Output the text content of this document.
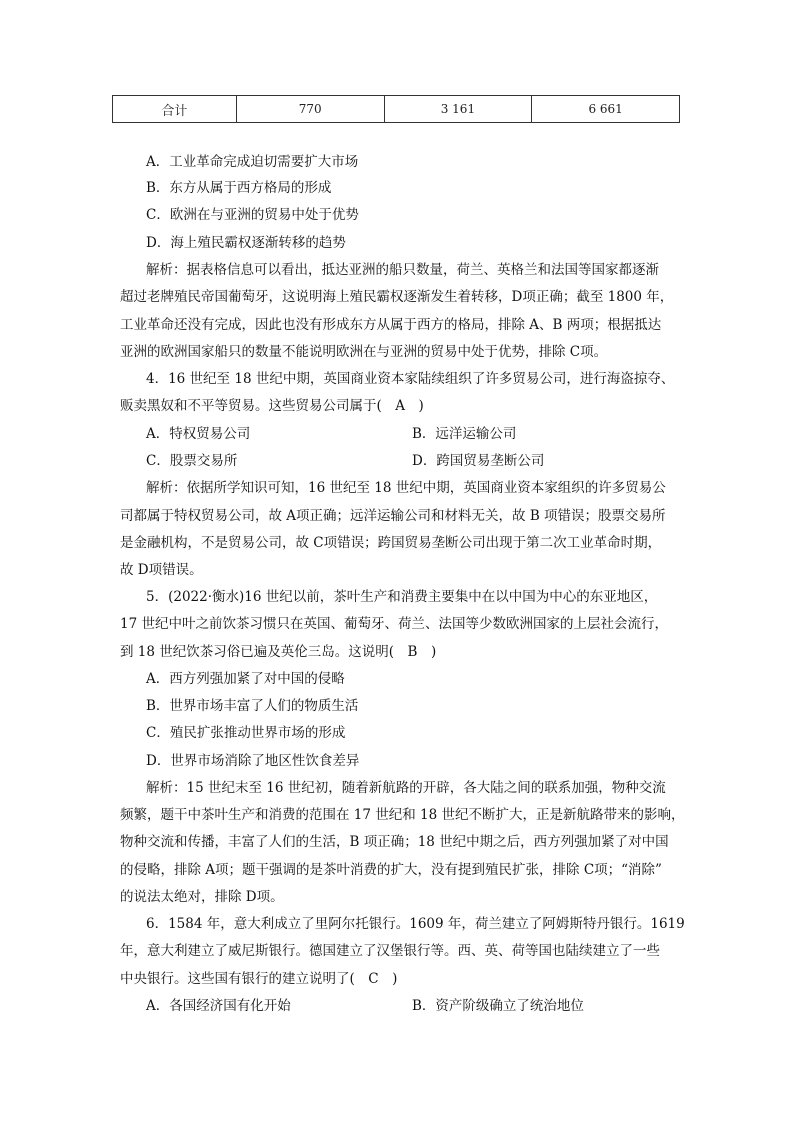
合计	770	3 161	6 661
A．工业革命完成迫切需要扩大市场
B．东方从属于西方格局的形成
C．欧洲在与亚洲的贸易中处于优势
D．海上殖民霸权逐渐转移的趋势
解析：据表格信息可以看出，抵达亚洲的船只数量，荷兰、英格兰和法国等国家都逐渐
超过老牌殖民帝国葡萄牙，这说明海上殖民霸权逐渐发生着转移，D项正确；截至 1800 年，
工业革命还没有完成，因此也没有形成东方从属于西方的格局，排除 A、B 两项；根据抵达
亚洲的欧洲国家船只的数量不能说明欧洲在与亚洲的贸易中处于优势，排除 C项。
4．16 世纪至 18 世纪中期，英国商业资本家陆续组织了许多贸易公司，进行海盗掠夺、
贩卖黑奴和不平等贸易。这些贸易公司属于(　A　)
A．特权贸易公司	B．远洋运输公司
C．股票交易所	D．跨国贸易垄断公司
解析：依据所学知识可知，16 世纪至 18 世纪中期，英国商业资本家组织的许多贸易公
司都属于特权贸易公司，故 A项正确；远洋运输公司和材料无关，故 B 项错误；股票交易所
是金融机构，不是贸易公司，故 C项错误；跨国贸易垄断公司出现于第二次工业革命时期，
故 D项错误。
5．(2022·衡水)16 世纪以前，茶叶生产和消费主要集中在以中国为中心的东亚地区，
17 世纪中叶之前饮茶习惯只在英国、葡萄牙、荷兰、法国等少数欧洲国家的上层社会流行，
到 18 世纪饮茶习俗已遍及英伦三岛。这说明(　B　)
A．西方列强加紧了对中国的侵略
B．世界市场丰富了人们的物质生活
C．殖民扩张推动世界市场的形成
D．世界市场消除了地区性饮食差异
解析：15 世纪末至 16 世纪初，随着新航路的开辟，各大陆之间的联系加强，物种交流
频繁，题干中茶叶生产和消费的范围在 17 世纪和 18 世纪不断扩大，正是新航路带来的影响，
物种交流和传播，丰富了人们的生活，B 项正确；18 世纪中期之后，西方列强加紧了对中国
的侵略，排除 A项；题干强调的是茶叶消费的扩大，没有提到殖民扩张，排除 C项；“消除”
的说法太绝对，排除 D项。
6．1584 年，意大利成立了里阿尔托银行。1609 年，荷兰建立了阿姆斯特丹银行。1619
年，意大利建立了威尼斯银行。德国建立了汉堡银行等。西、英、荷等国也陆续建立了一些
中央银行。这些国有银行的建立说明了(　C　)
A．各国经济国有化开始	B．资产阶级确立了统治地位
